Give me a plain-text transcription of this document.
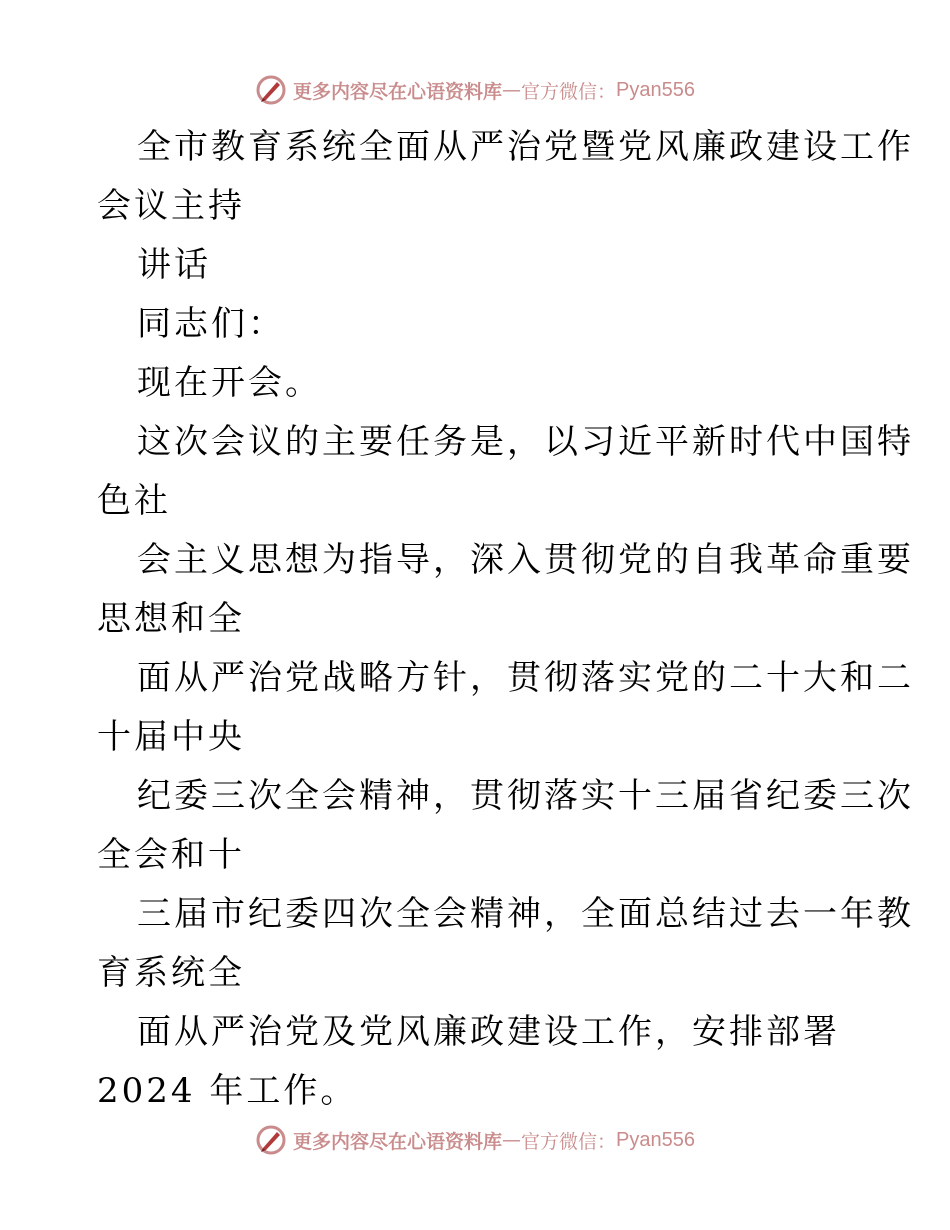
更多内容尽在心语资料库 — 官方微信： Pyan556
全市教育系统全面从严治党暨党风廉政建设工作
会议主持
讲话
同志们：
现在开会。
这次会议的主要任务是，以习近平新时代中国特
色社
会主义思想为指导，深入贯彻党的自我革命重要
思想和全
面从严治党战略方针，贯彻落实党的二十大和二
十届中央
纪委三次全会精神，贯彻落实十三届省纪委三次
全会和十
三届市纪委四次全会精神，全面总结过去一年教
育系统全
面从严治党及党风廉政建设工作，安排部署
2024 年工作。
更多内容尽在心语资料库 — 官方微信： Pyan556
